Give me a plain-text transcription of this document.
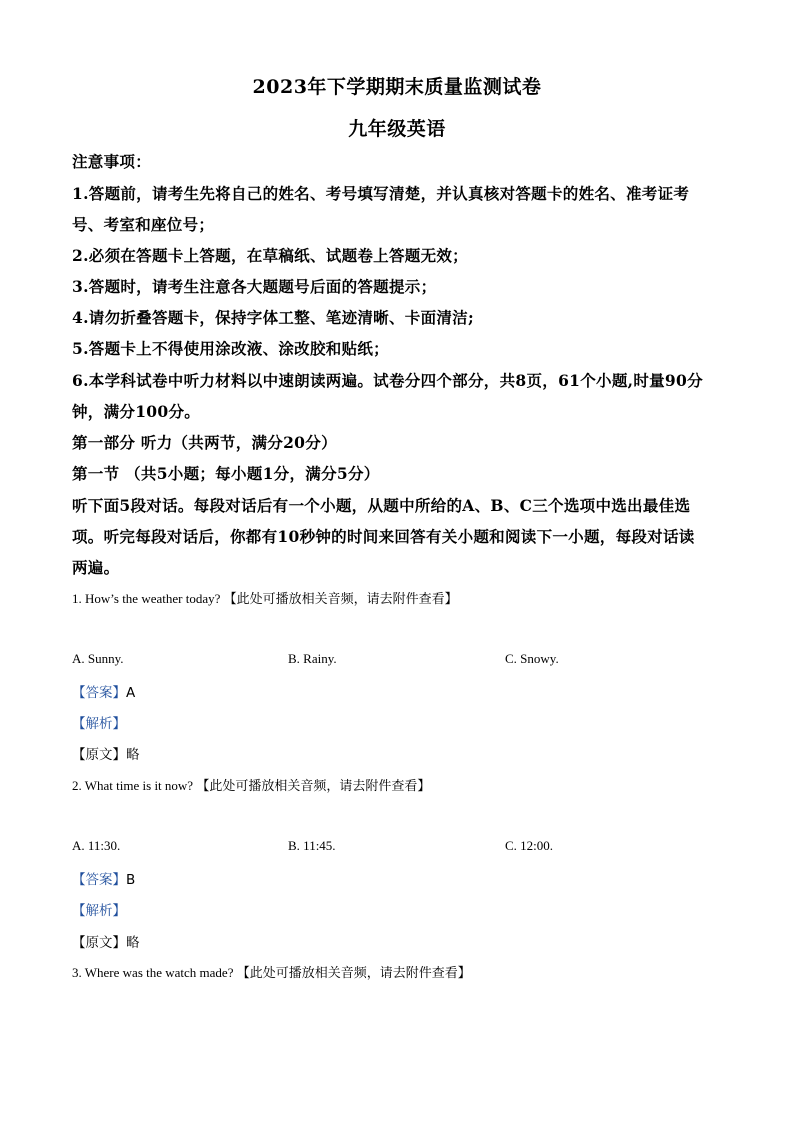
2023年下学期期末质量监测试卷
九年级英语
注意事项：
1.答题前，请考生先将自己的姓名、考号填写清楚，并认真核对答题卡的姓名、准考证考
号、考室和座位号；
2.必须在答题卡上答题，在草稿纸、试题卷上答题无效；
3.答题时，请考生注意各大题题号后面的答题提示；
4.请勿折叠答题卡，保持字体工整、笔迹清晰、卡面清洁;
5.答题卡上不得使用涂改液、涂改胶和贴纸；
6.本学科试卷中听力材料以中速朗读两遍。试卷分四个部分，共8页，61个小题,时量90分
钟，满分100分。
第一部分 听力（共两节，满分20分）
第一节 （共5小题；每小题1分，满分5分）
听下面5段对话。每段对话后有一个小题，从题中所给的A、B、C三个选项中选出最佳选
项。听完每段对话后，你都有10秒钟的时间来回答有关小题和阅读下一小题，每段对话读
两遍。
1. How’s the weather today? 【此处可播放相关音频，请去附件查看】
A. Sunny.	B. Rainy.	C. Snowy.
【答案】A
【解析】
【原文】略
2. What time is it now? 【此处可播放相关音频，请去附件查看】
A. 11:30.	B. 11:45.	C. 12:00.
【答案】B
【解析】
【原文】略
3. Where was the watch made? 【此处可播放相关音频，请去附件查看】
